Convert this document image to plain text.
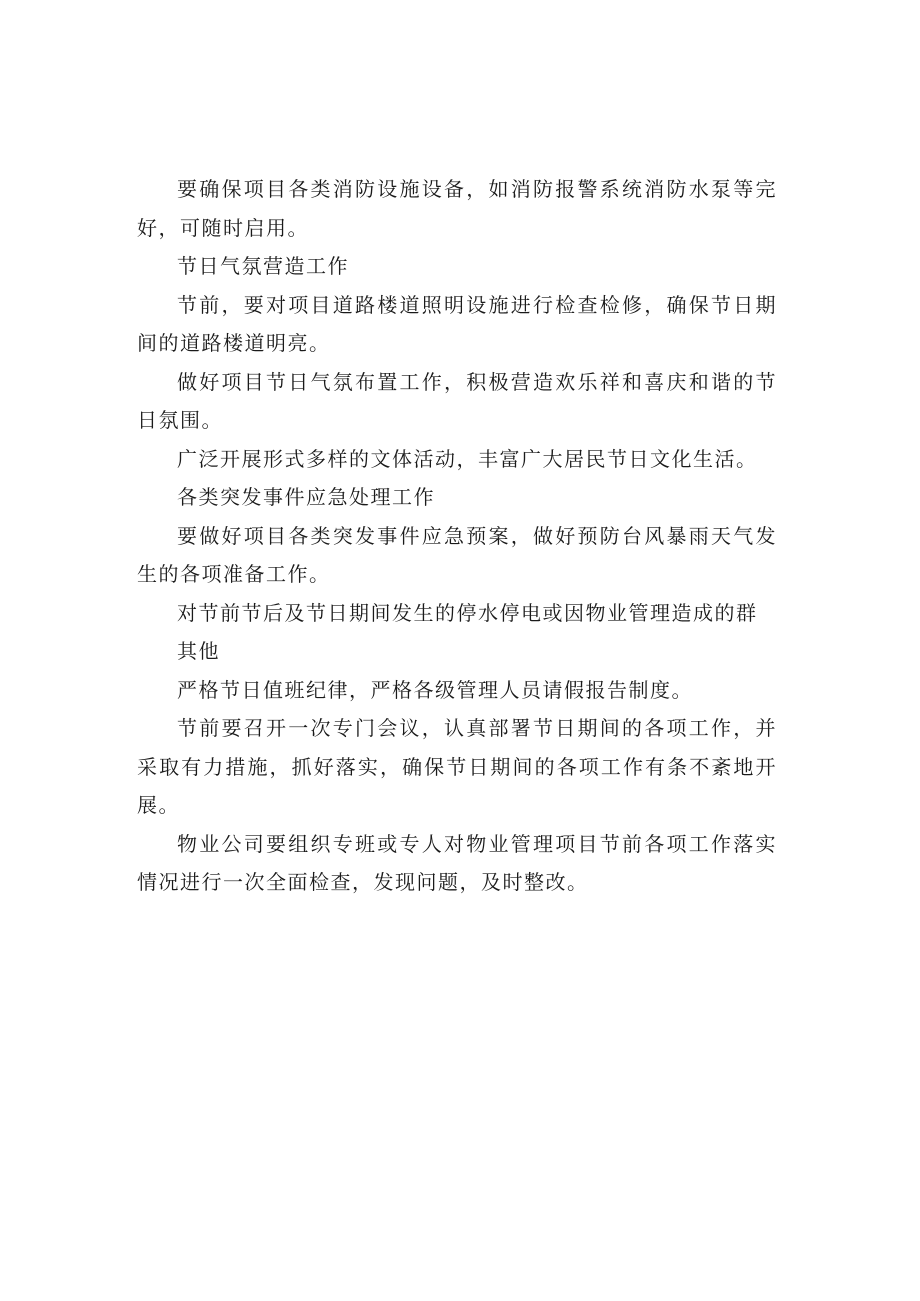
要确保项目各类消防设施设备，如消防报警系统消防水泵等完好，可随时启用。

节日气氛营造工作

节前，要对项目道路楼道照明设施进行检查检修，确保节日期间的道路楼道明亮。

做好项目节日气氛布置工作，积极营造欢乐祥和喜庆和谐的节日氛围。

广泛开展形式多样的文体活动，丰富广大居民节日文化生活。

各类突发事件应急处理工作

要做好项目各类突发事件应急预案，做好预防台风暴雨天气发生的各项准备工作。

对节前节后及节日期间发生的停水停电或因物业管理造成的群

其他

严格节日值班纪律，严格各级管理人员请假报告制度。

节前要召开一次专门会议，认真部署节日期间的各项工作，并采取有力措施，抓好落实，确保节日期间的各项工作有条不紊地开展。

物业公司要组织专班或专人对物业管理项目节前各项工作落实情况进行一次全面检查，发现问题，及时整改。
